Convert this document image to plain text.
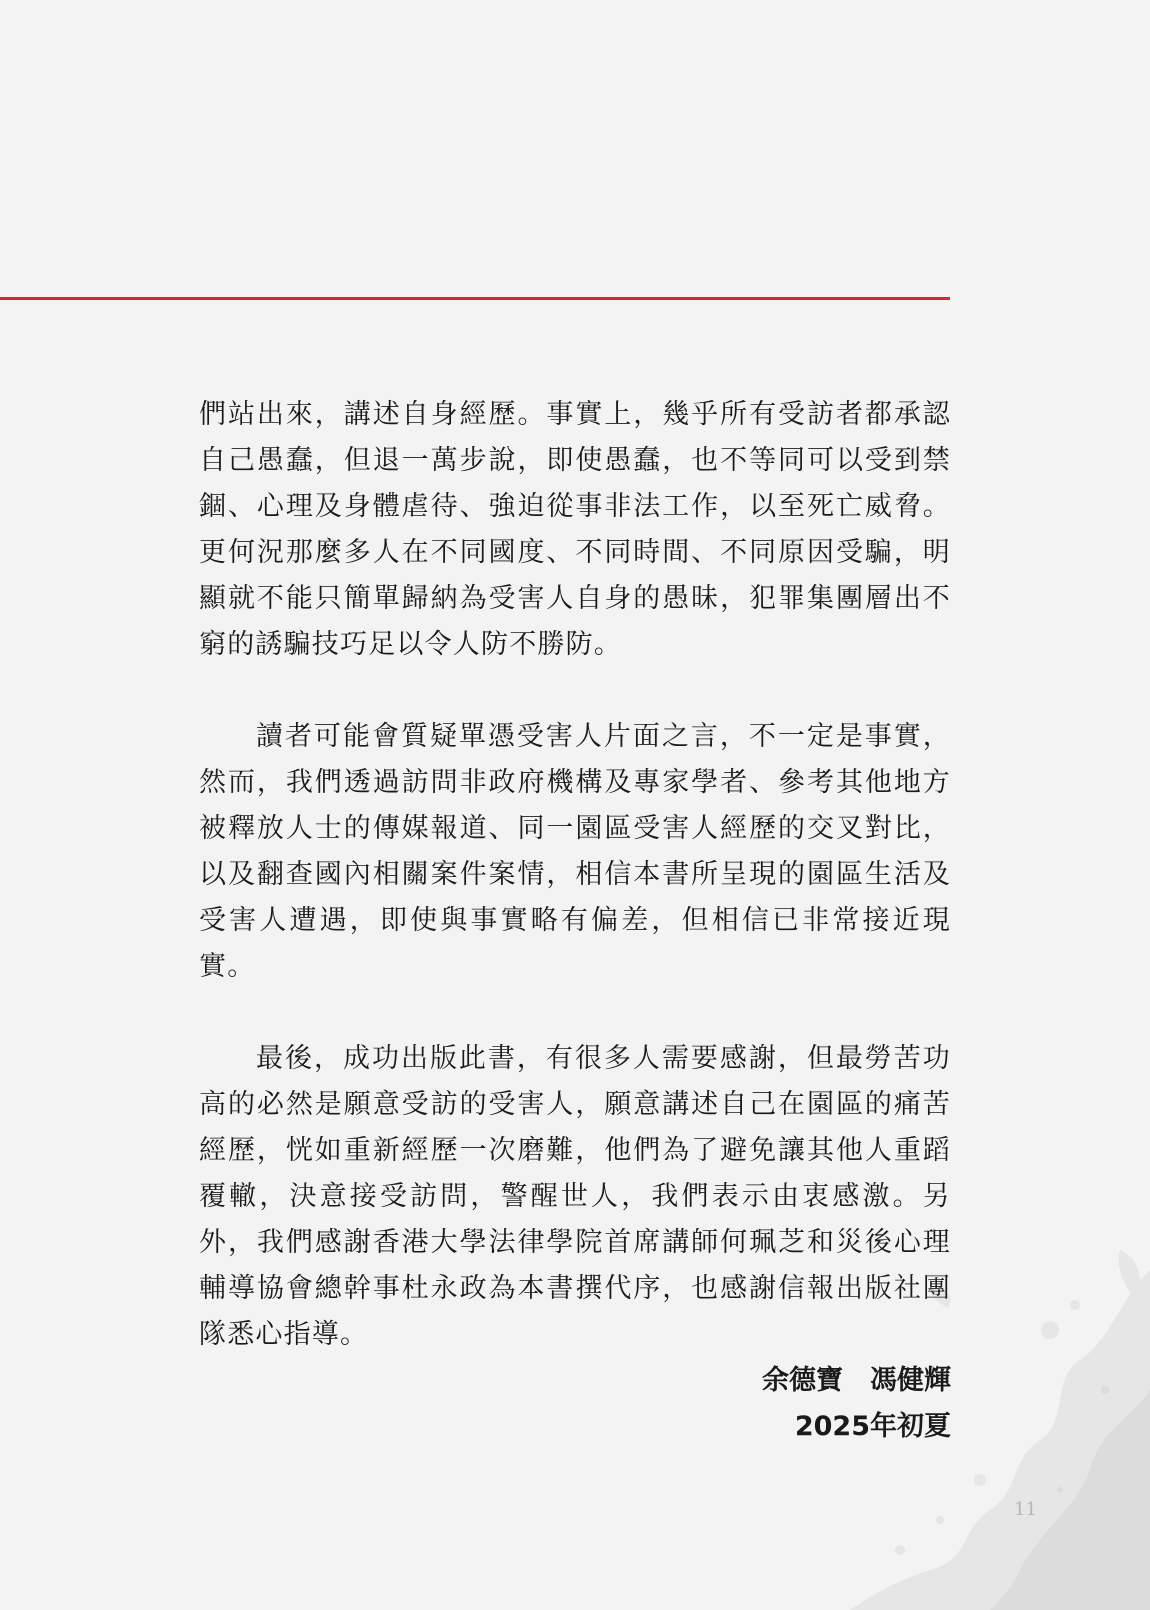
們站出來，講述自身經歷。事實上，幾乎所有受訪者都承認自己愚蠢，但退一萬步說，即使愚蠢，也不等同可以受到禁錮、心理及身體虐待、強迫從事非法工作，以至死亡威脅。更何況那麼多人在不同國度、不同時間、不同原因受騙，明顯就不能只簡單歸納為受害人自身的愚昧，犯罪集團層出不窮的誘騙技巧足以令人防不勝防。

讀者可能會質疑單憑受害人片面之言，不一定是事實，然而，我們透過訪問非政府機構及專家學者、參考其他地方被釋放人士的傳媒報道、同一園區受害人經歷的交叉對比，以及翻查國內相關案件案情，相信本書所呈現的園區生活及受害人遭遇，即使與事實略有偏差，但相信已非常接近現實。

最後，成功出版此書，有很多人需要感謝，但最勞苦功高的必然是願意受訪的受害人，願意講述自己在園區的痛苦經歷，恍如重新經歷一次磨難，他們為了避免讓其他人重蹈覆轍，決意接受訪問，警醒世人，我們表示由衷感激。另外，我們感謝香港大學法律學院首席講師何珮芝和災後心理輔導協會總幹事杜永政為本書撰代序，也感謝信報出版社團隊悉心指導。

余德寶　馮健輝
2025年初夏
11
